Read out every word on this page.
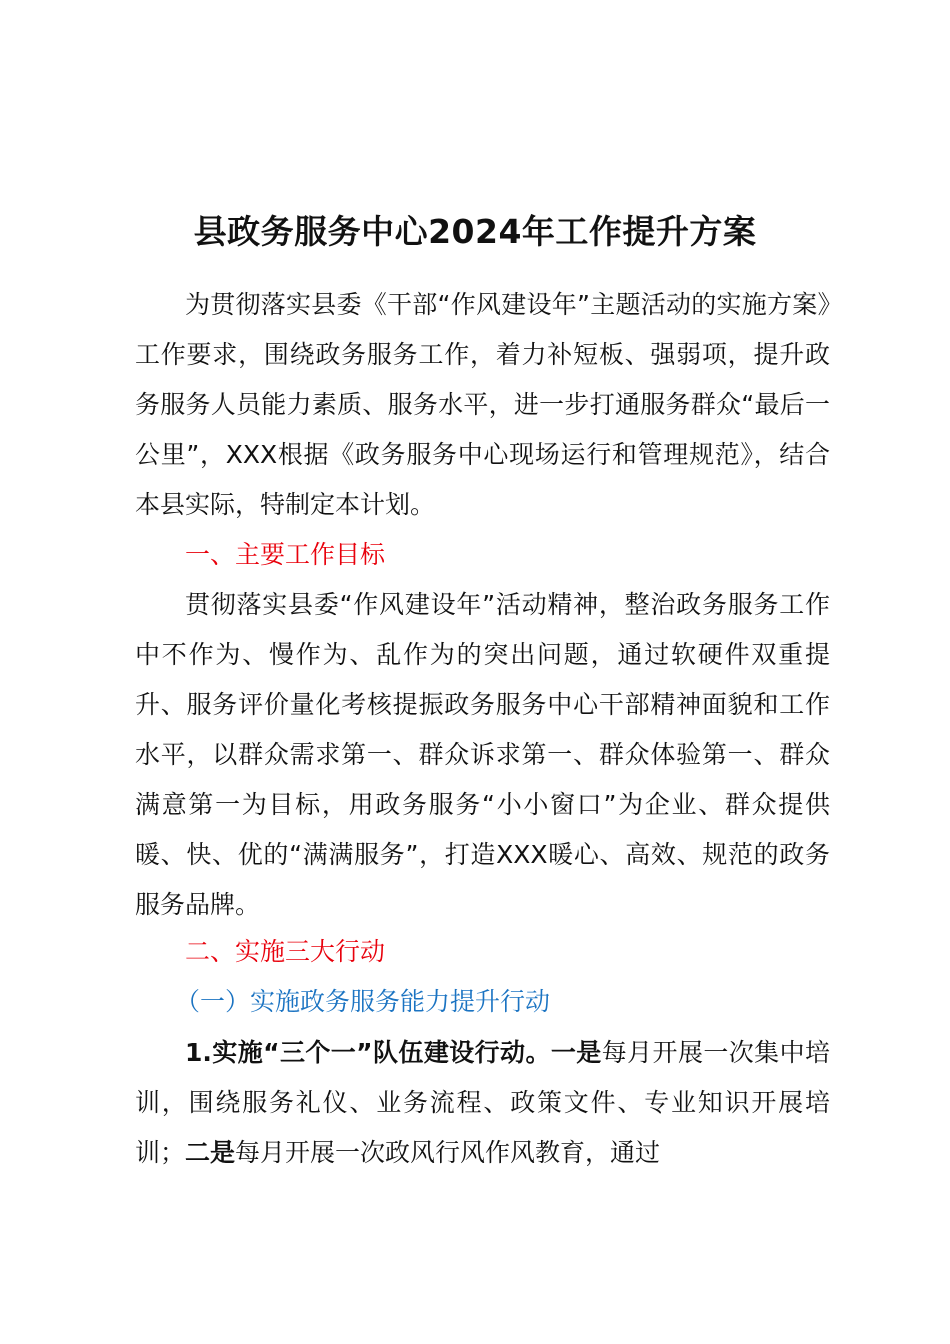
县政务服务中心2024年工作提升方案
为贯彻落实县委《干部“作风建设年”主题活动的实施方案》工作要求，围绕政务服务工作，着力补短板、强弱项，提升政务服务人员能力素质、服务水平，进一步打通服务群众“最后一公里”，XXX根据《政务服务中心现场运行和管理规范》，结合本县实际，特制定本计划。
一、主要工作目标
贯彻落实县委“作风建设年”活动精神，整治政务服务工作中不作为、慢作为、乱作为的突出问题，通过软硬件双重提升、服务评价量化考核提振政务服务中心干部精神面貌和工作水平，以群众需求第一、群众诉求第一、群众体验第一、群众满意第一为目标，用政务服务“小小窗口”为企业、群众提供暖、快、优的“满满服务”，打造XXX暖心、高效、规范的政务服务品牌。
二、实施三大行动
（一）实施政务服务能力提升行动
1.实施“三个一”队伍建设行动。一是每月开展一次集中培训，围绕服务礼仪、业务流程、政策文件、专业知识开展培训；二是每月开展一次政风行风作风教育，通过
